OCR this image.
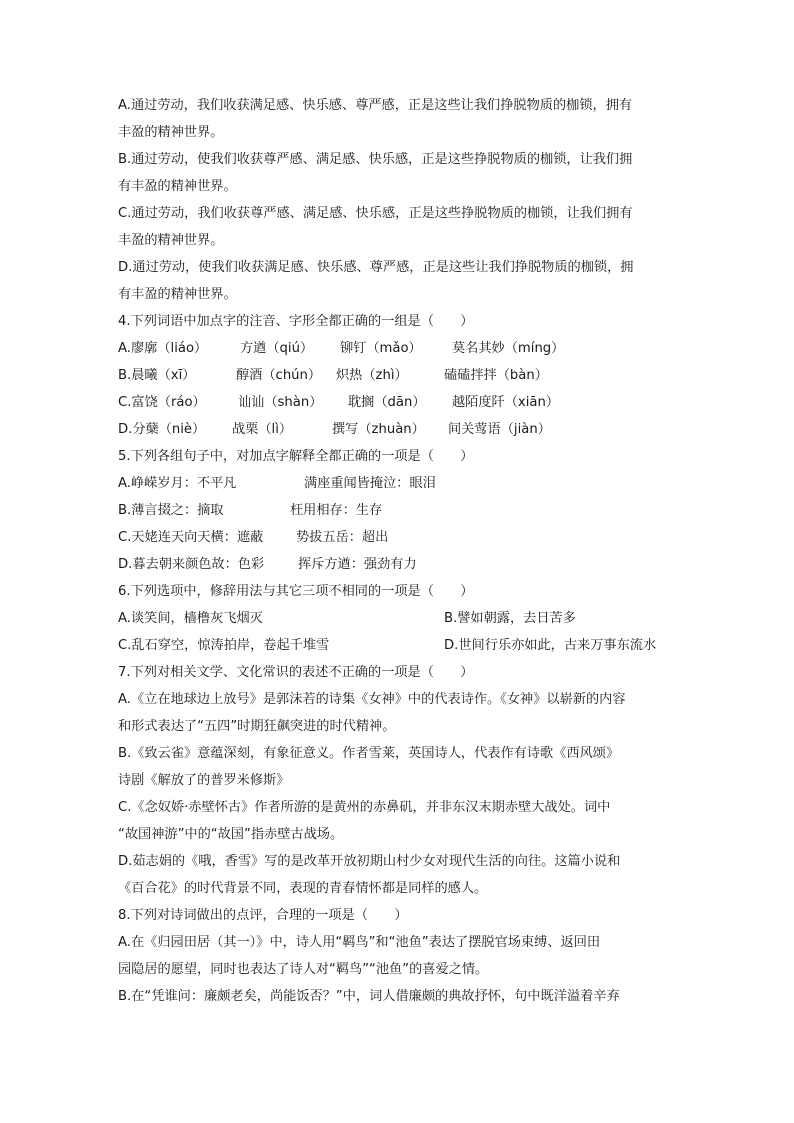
A.通过劳动，我们收获满足感、快乐感、尊严感，正是这些让我们挣脱物质的枷锁，拥有
丰盈的精神世界。
B.通过劳动，使我们收获尊严感、满足感、快乐感，正是这些挣脱物质的枷锁，让我们拥
有丰盈的精神世界。
C.通过劳动，我们收获尊严感、满足感、快乐感，正是这些挣脱物质的枷锁，让我们拥有
丰盈的精神世界。
D.通过劳动，使我们收获满足感、快乐感、尊严感，正是这些让我们挣脱物质的枷锁，拥
有丰盈的精神世界。
4.下列词语中加点字的注音、字形全都正确的一组是（　　）
A.廖廓（liáo） 方遒（qiú） 铆钉（mǎo） 莫名其妙（míng）
B.晨曦（xī）	醇酒（chún） 炽热（zhì）	磕磕拌拌（bàn）
C.富饶（ráo） 讪讪（shàn） 耽搁（dān） 越陌度阡（xiān）
D.分蘖（niè） 战栗（lì）	撰写（zhuàn） 间关莺语（jiàn）
5.下列各组句子中，对加点字解释全都正确的一项是（　　）
A.峥嵘岁月：不平凡	满座重闻皆掩泣：眼泪
B.薄言掇之：摘取	枉用相存：生存
C.天姥连天向天横：遮蔽 势拔五岳：超出
D.暮去朝来颜色故：色彩	挥斥方遒：强劲有力
6.下列选项中，修辞用法与其它三项不相同的一项是（　　）
A.谈笑间，樯橹灰飞烟灭	B.譬如朝露，去日苦多
C.乱石穿空，惊涛拍岸，卷起千堆雪	D.世间行乐亦如此，古来万事东流水
7.下列对相关文学、文化常识的表述不正确的一项是（　　）
A.《立在地球边上放号》是郭沫若的诗集《女神》中的代表诗作。《女神》以崭新的内容
和形式表达了“五四”时期狂飙突进的时代精神。
B.《致云雀》意蕴深刻，有象征意义。作者雪莱，英国诗人，代表作有诗歌《西风颂》
诗剧《解放了的普罗米修斯》
C.《念奴娇·赤壁怀古》作者所游的是黄州的赤鼻矶，并非东汉末期赤壁大战处。词中
“故国神游”中的“故国”指赤壁古战场。
D.茹志娟的《哦，香雪》写的是改革开放初期山村少女对现代生活的向往。这篇小说和
《百合花》的时代背景不同，表现的青春情怀都是同样的感人。
8.下列对诗词做出的点评，合理的一项是（　　）
A.在《归园田居（其一）》中，诗人用“羁鸟”和“池鱼”表达了摆脱官场束缚、返回田
园隐居的愿望，同时也表达了诗人对“羁鸟”“池鱼”的喜爱之情。
B.在“凭谁问：廉颇老矣，尚能饭否？”中，词人借廉颇的典故抒怀，句中既洋溢着辛弃
